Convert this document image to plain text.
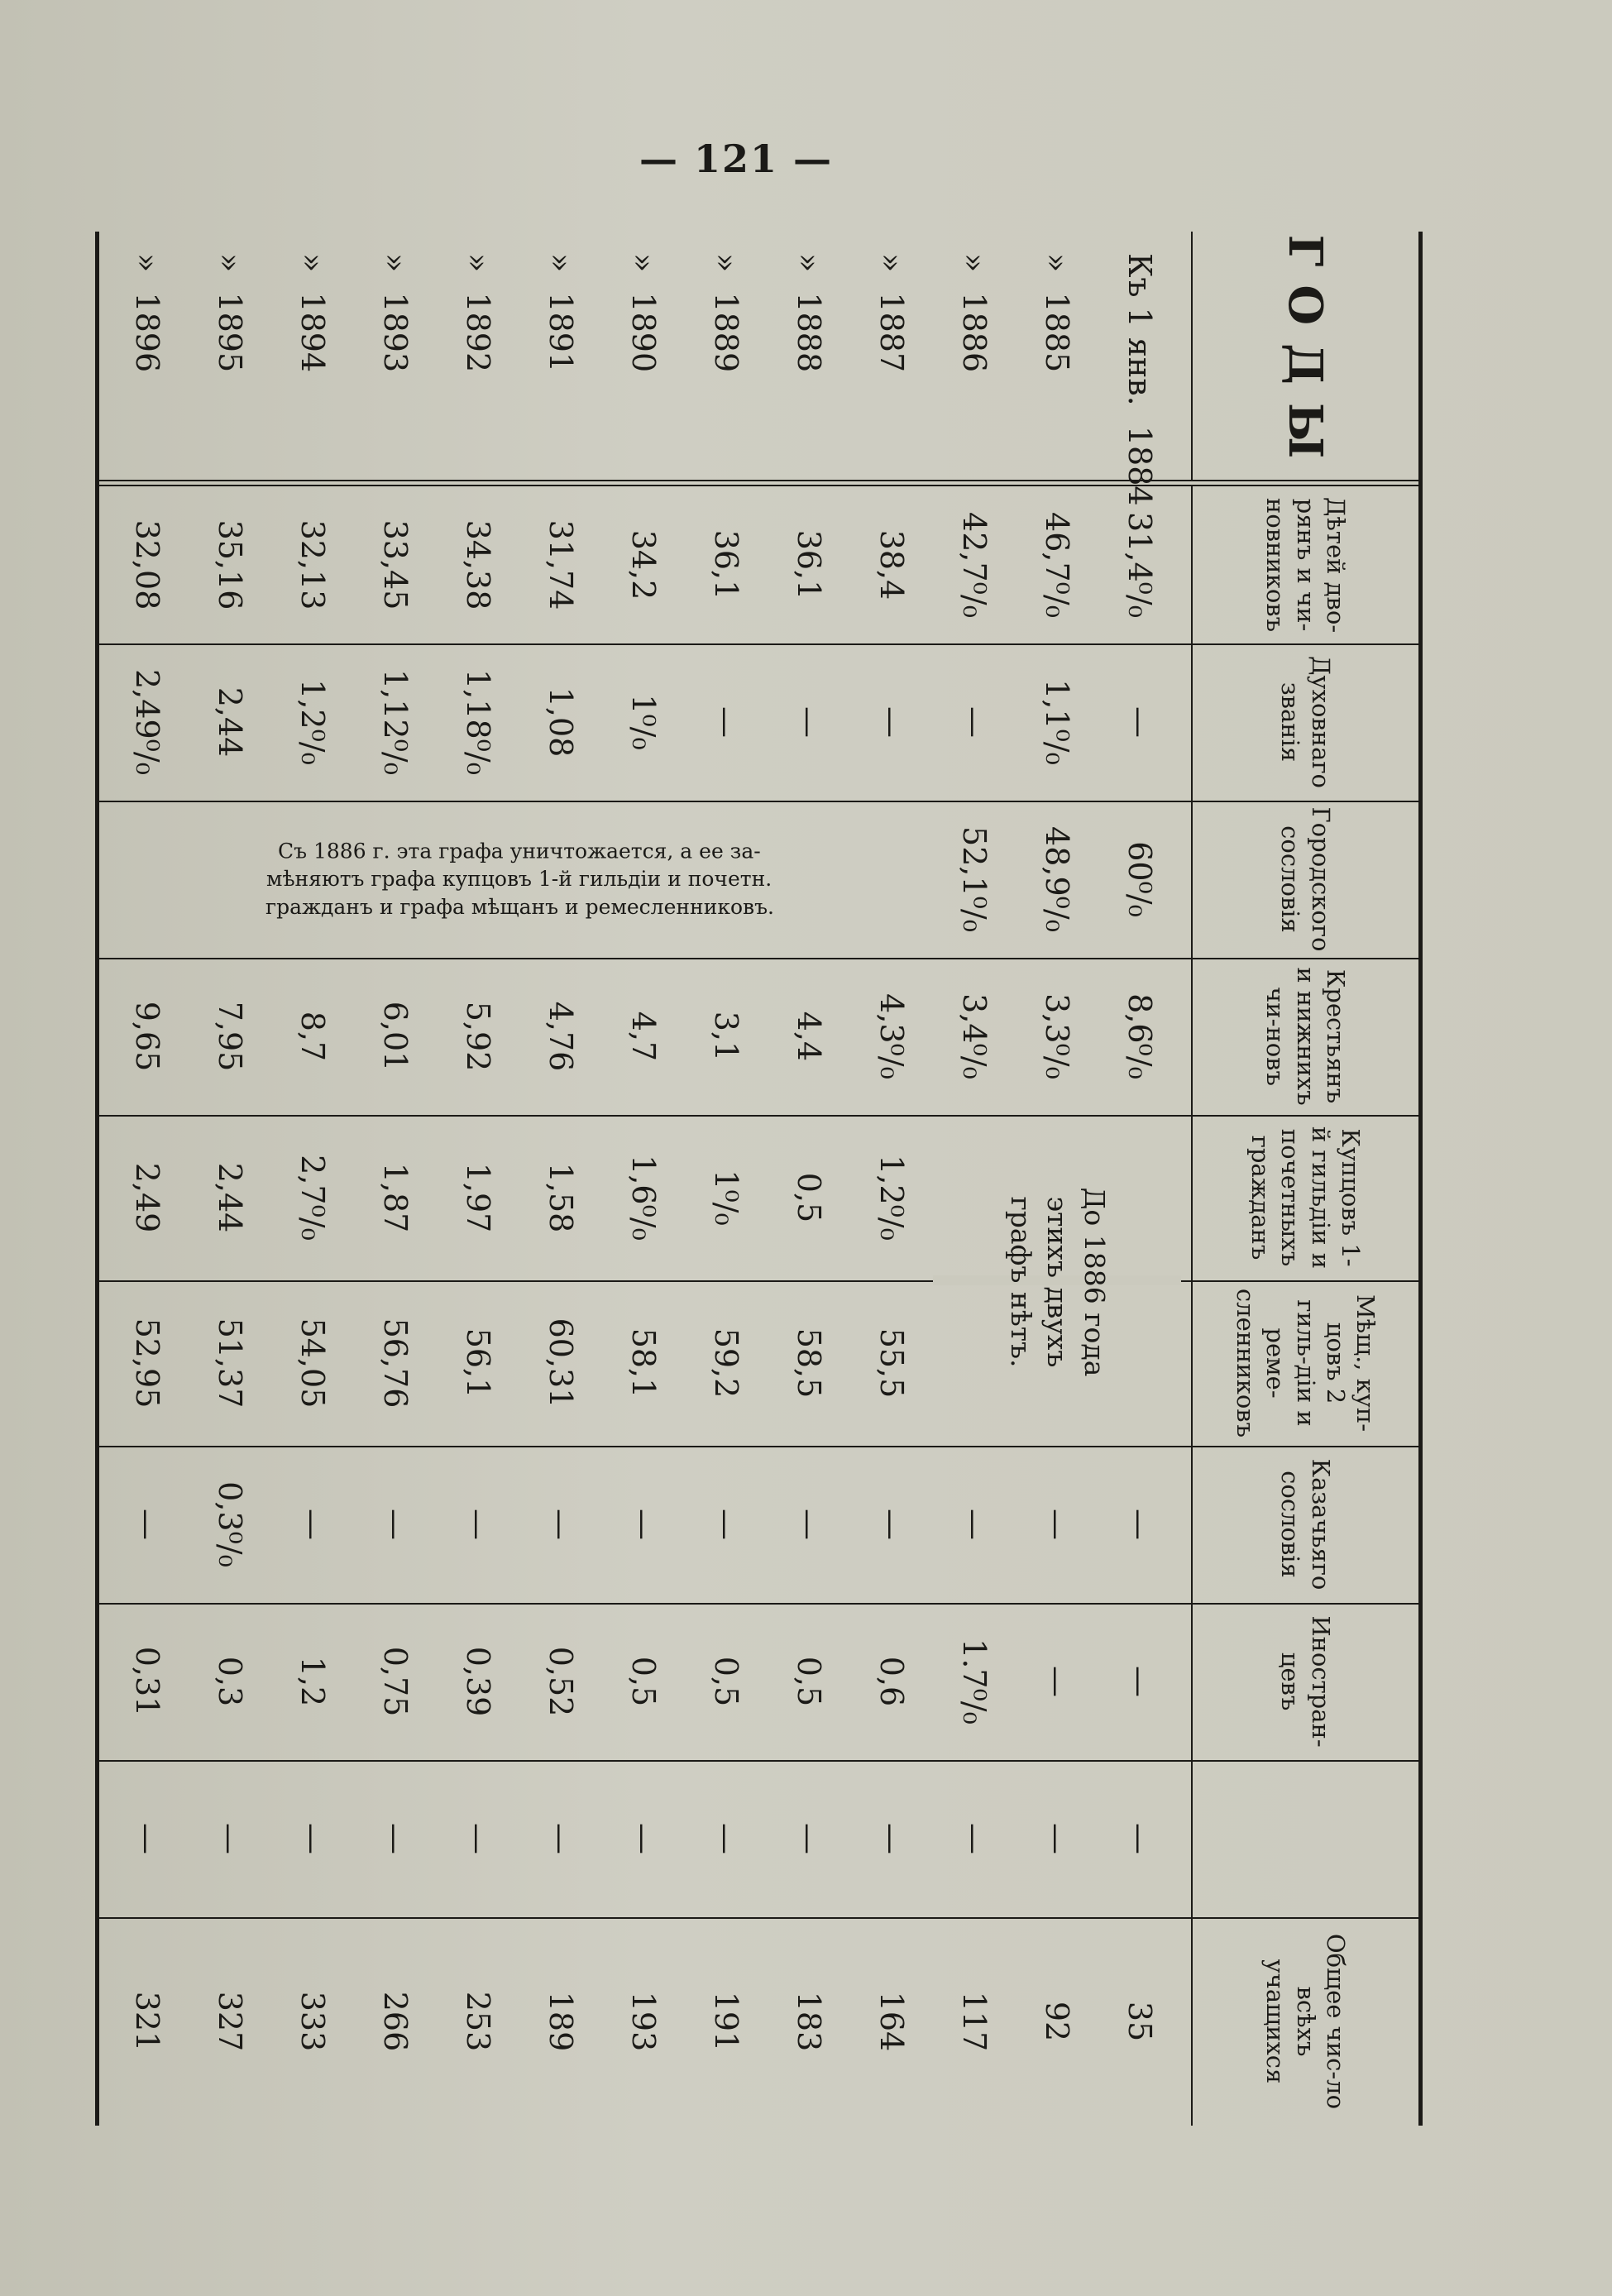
— 121 —
ГОДЫ
Къ 1 янв.  1884
»  1885
»  1886
»  1887
»  1888
»  1889
»  1890
»  1891
»  1892
»  1893
»  1894
»  1895
»  1896
Дѣтей дво-рянъ и чи-новниковъ
31,4⁰/₀
46,7⁰/₀
42,7⁰/₀
38,4
36,1
36,1
34,2
31,74
34,38
33,45
32,13
35,16
32,08
Духовнаго званія
—
1,1⁰/₀
—
—
—
—
1⁰/₀
1,08
1,18⁰/₀
1,12⁰/₀
1,2⁰/₀
2,44
2,49⁰/₀
Городского сословія
60⁰/₀
48,9⁰/₀
52,1⁰/₀
Крестьянъ и нижнихъ чи-новъ
8,6⁰/₀
3,3⁰/₀
3,4⁰/₀
4,3⁰/₀
4,4
3,1
4,7
4,76
5,92
6,01
8,7
7,95
9,65
Купцовъ 1-й гильдіи и почетныхъ гражданъ
1,2⁰/₀
0,5
1⁰/₀
1,6⁰/₀
1,58
1,97
1,87
2,7⁰/₀
2,44
2,49
Мѣщ., куп-цовъ 2 гиль-діи и реме-сленниковъ
55,5
58,5
59,2
58,1
60,31
56,1
56,76
54,05
51,37
52,95
Казачьяго сословія
—
—
—
—
—
—
—
—
—
—
—
0,3⁰/₀
—
Иностран-цевъ
—
—
1.7⁰/₀
0,6
0,5
0,5
0,5
0,52
0,39
0,75
1,2
0,3
0,31
—
—
—
—
—
—
—
—
—
—
—
—
—
Общее чис-ло всѣхъ учащихся
35
92
117
164
183
191
193
189
253
266
333
327
321
До 1886 года
этихъ двухъ
графъ нѣтъ.
Съ 1886 г. эта графа уничтожается, а ее за-
мѣняютъ графа купцовъ 1-й гильдіи и почетн.
гражданъ и графа мѣщанъ и ремесленниковъ.
